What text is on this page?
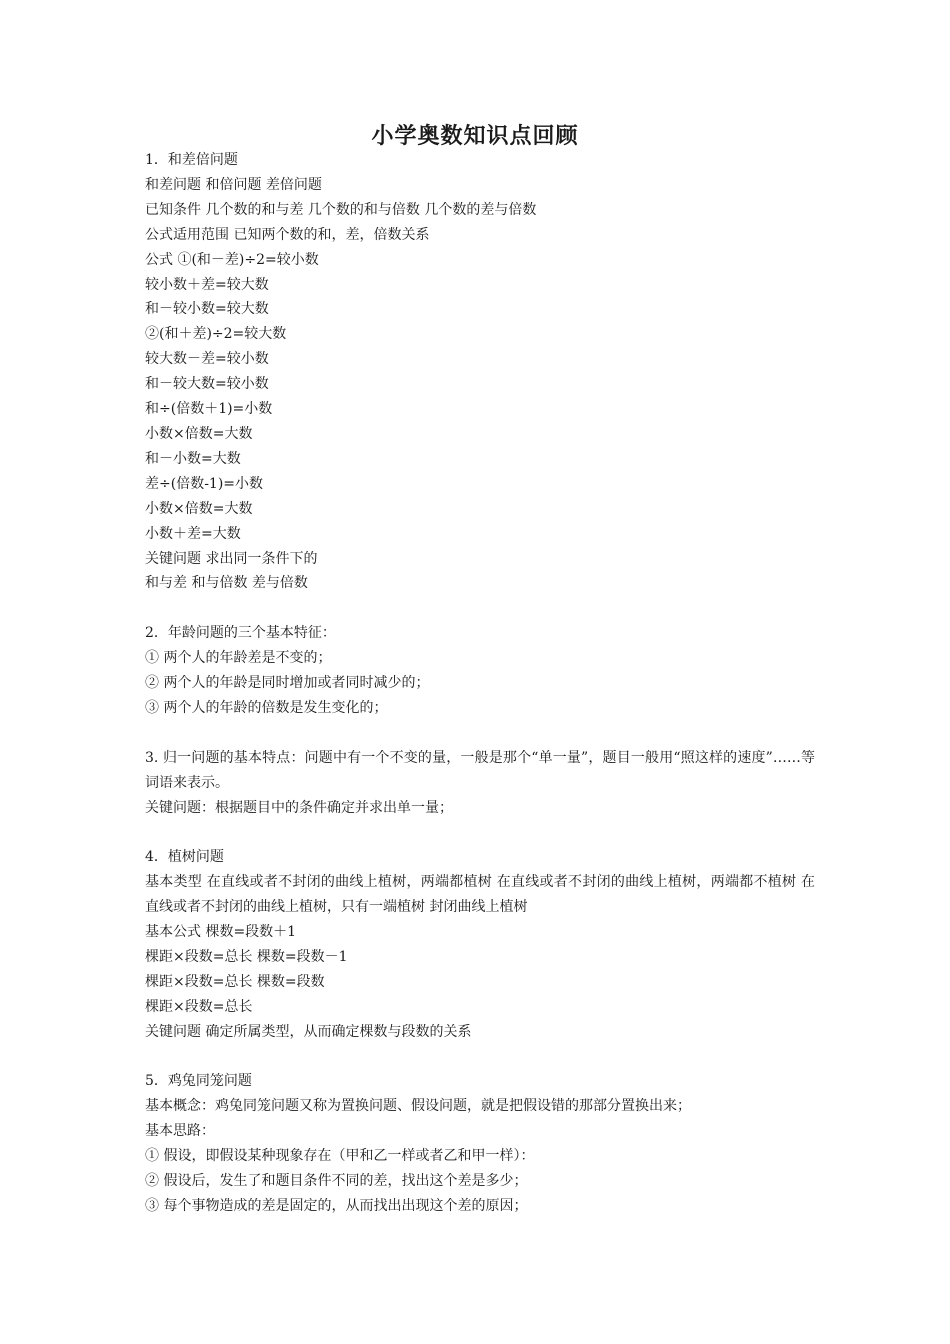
小学奥数知识点回顾
1．和差倍问题
和差问题 和倍问题 差倍问题
已知条件 几个数的和与差 几个数的和与倍数 几个数的差与倍数
公式适用范围 已知两个数的和，差，倍数关系
公式 ①(和－差)÷2=较小数
较小数＋差=较大数
和－较小数=较大数
②(和＋差)÷2=较大数
较大数－差=较小数
和－较大数=较小数
和÷(倍数＋1)=小数
小数×倍数=大数
和－小数=大数
差÷(倍数-1)=小数
小数×倍数=大数
小数＋差=大数
关键问题 求出同一条件下的
和与差 和与倍数 差与倍数
2．年龄问题的三个基本特征：
① 两个人的年龄差是不变的；
② 两个人的年龄是同时增加或者同时减少的；
③ 两个人的年龄的倍数是发生变化的；
3. 归一问题的基本特点：问题中有一个不变的量，一般是那个“单一量”，题目一般用“照这样的速度”……等词语来表示。
关键问题：根据题目中的条件确定并求出单一量；
4．植树问题
基本类型 在直线或者不封闭的曲线上植树，两端都植树 在直线或者不封闭的曲线上植树，两端都不植树 在直线或者不封闭的曲线上植树，只有一端植树 封闭曲线上植树
基本公式 棵数=段数＋1
棵距×段数=总长 棵数=段数－1
棵距×段数=总长 棵数=段数
棵距×段数=总长
关键问题 确定所属类型，从而确定棵数与段数的关系
5．鸡兔同笼问题
基本概念：鸡兔同笼问题又称为置换问题、假设问题，就是把假设错的那部分置换出来；
基本思路：
① 假设，即假设某种现象存在（甲和乙一样或者乙和甲一样）：
② 假设后，发生了和题目条件不同的差，找出这个差是多少；
③ 每个事物造成的差是固定的，从而找出出现这个差的原因；
